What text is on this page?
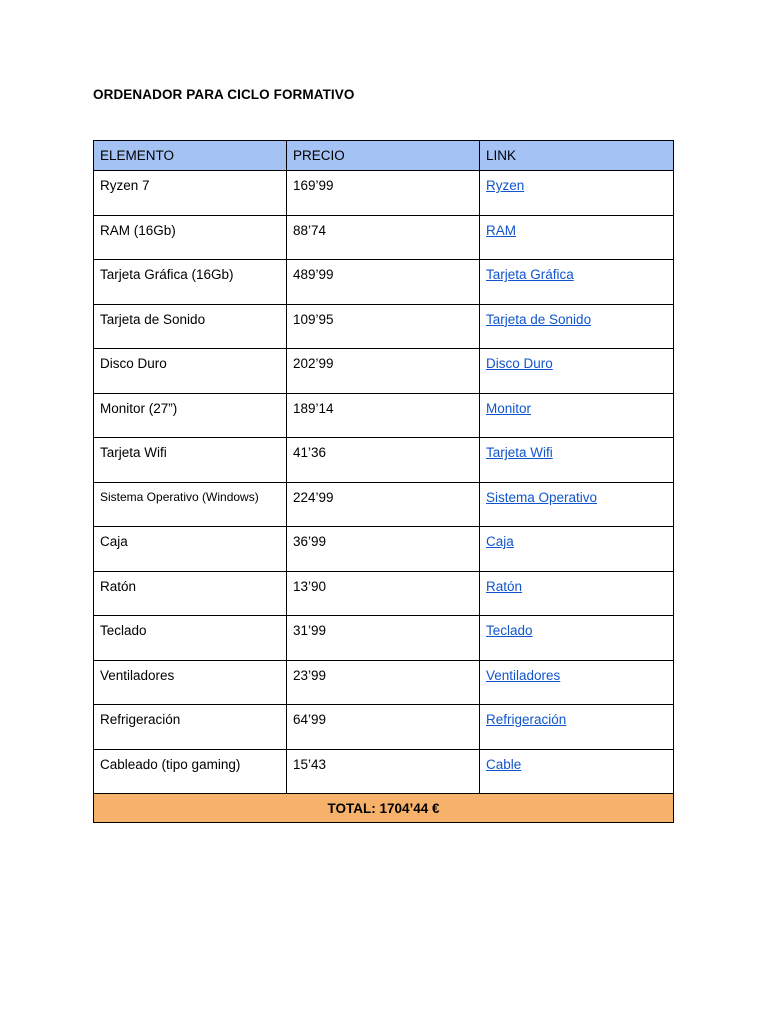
ORDENADOR PARA CICLO FORMATIVO
ELEMENTO	PRECIO	LINK
Ryzen 7	169’99	Ryzen
RAM (16Gb)	88’74	RAM
Tarjeta Gráfica (16Gb)	489’99	Tarjeta Gráfica
Tarjeta de Sonido	109’95	Tarjeta de Sonido
Disco Duro	202’99	Disco Duro
Monitor (27”)	189’14	Monitor
Tarjeta Wifi	41’36	Tarjeta Wifi
Sistema Operativo (Windows)	224’99	Sistema Operativo
Caja	36’99	Caja
Ratón	13’90	Ratón
Teclado	31’99	Teclado
Ventiladores	23’99	Ventiladores
Refrigeración	64’99	Refrigeración
Cableado (tipo gaming)	15’43	Cable
TOTAL: 1704’44 €		
